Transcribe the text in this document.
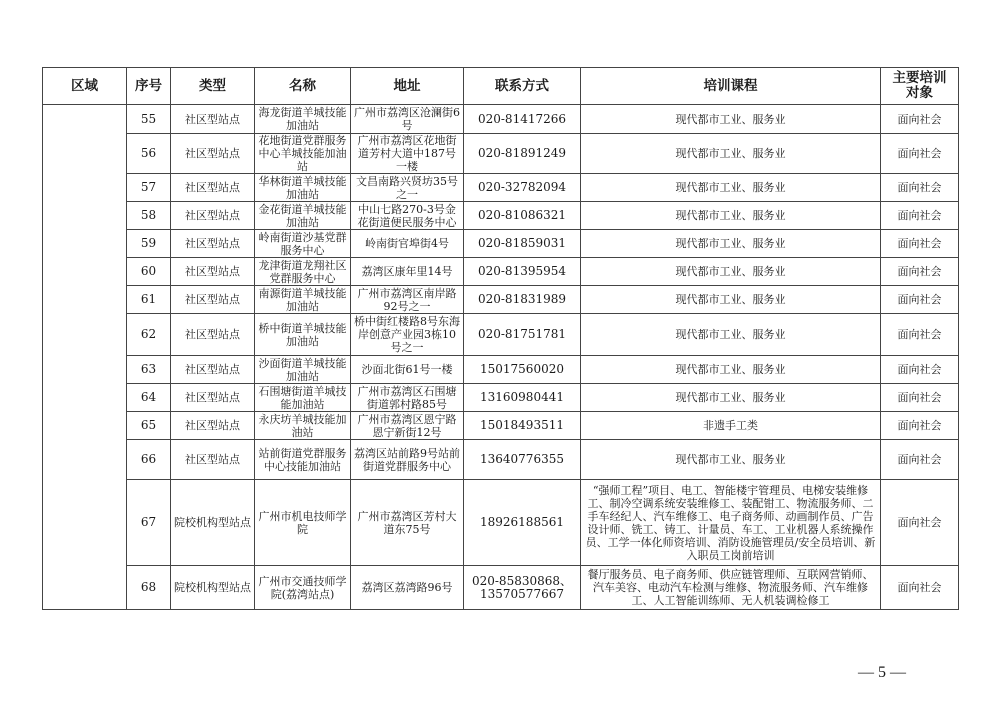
区域	序号	类型	名称	地址	联系方式	培训课程	主要培训对象
	55	社区型站点	海龙街道羊城技能加油站	广州市荔湾区沧澜街6号	020-81417266	现代都市工业、服务业	面向社会
	56	社区型站点	花地街道党群服务中心羊城技能加油站	广州市荔湾区花地街道芳村大道中187号一楼	020-81891249	现代都市工业、服务业	面向社会
	57	社区型站点	华林街道羊城技能加油站	文昌南路兴贤坊35号之一	020-32782094	现代都市工业、服务业	面向社会
	58	社区型站点	金花街道羊城技能加油站	中山七路270-3号金花街道便民服务中心	020-81086321	现代都市工业、服务业	面向社会
	59	社区型站点	岭南街道沙基党群服务中心	岭南街官埠街4号	020-81859031	现代都市工业、服务业	面向社会
	60	社区型站点	龙津街道龙翔社区党群服务中心	荔湾区康年里14号	020-81395954	现代都市工业、服务业	面向社会
	61	社区型站点	南源街道羊城技能加油站	广州市荔湾区南岸路92号之一	020-81831989	现代都市工业、服务业	面向社会
	62	社区型站点	桥中街道羊城技能加油站	桥中街红楼路8号东海岸创意产业园3栋10号之一	020-81751781	现代都市工业、服务业	面向社会
	63	社区型站点	沙面街道羊城技能加油站	沙面北街61号一楼	15017560020	现代都市工业、服务业	面向社会
	64	社区型站点	石围塘街道羊城技能加油站	广州市荔湾区石围塘街道郭村路85号	13160980441	现代都市工业、服务业	面向社会
	65	社区型站点	永庆坊羊城技能加油站	广州市荔湾区恩宁路恩宁新街12号	15018493511	非遗手工类	面向社会
	66	社区型站点	站前街道党群服务中心技能加油站	荔湾区站前路9号站前街道党群服务中心	13640776355	现代都市工业、服务业	面向社会
	67	院校机构型站点	广州市机电技师学院	广州市荔湾区芳村大道东75号	18926188561	“强师工程”项目、电工、智能楼宇管理员、电梯安装维修工、制冷空调系统安装维修工、装配钳工、物流服务师、二手车经纪人、汽车维修工、电子商务师、动画制作员、广告设计师、铣工、铸工、计量员、车工、工业机器人系统操作员、工学一体化师资培训、消防设施管理员/安全员培训、新入职员工岗前培训	面向社会
	68	院校机构型站点	广州市交通技师学院(荔湾站点)	荔湾区荔湾路96号	020-85830868、13570577667	餐厅服务员、电子商务师、供应链管理师、互联网营销师、汽车美容、电动汽车检测与维修、物流服务师、汽车维修工、人工智能训练师、无人机装调检修工	面向社会
— 5 —
